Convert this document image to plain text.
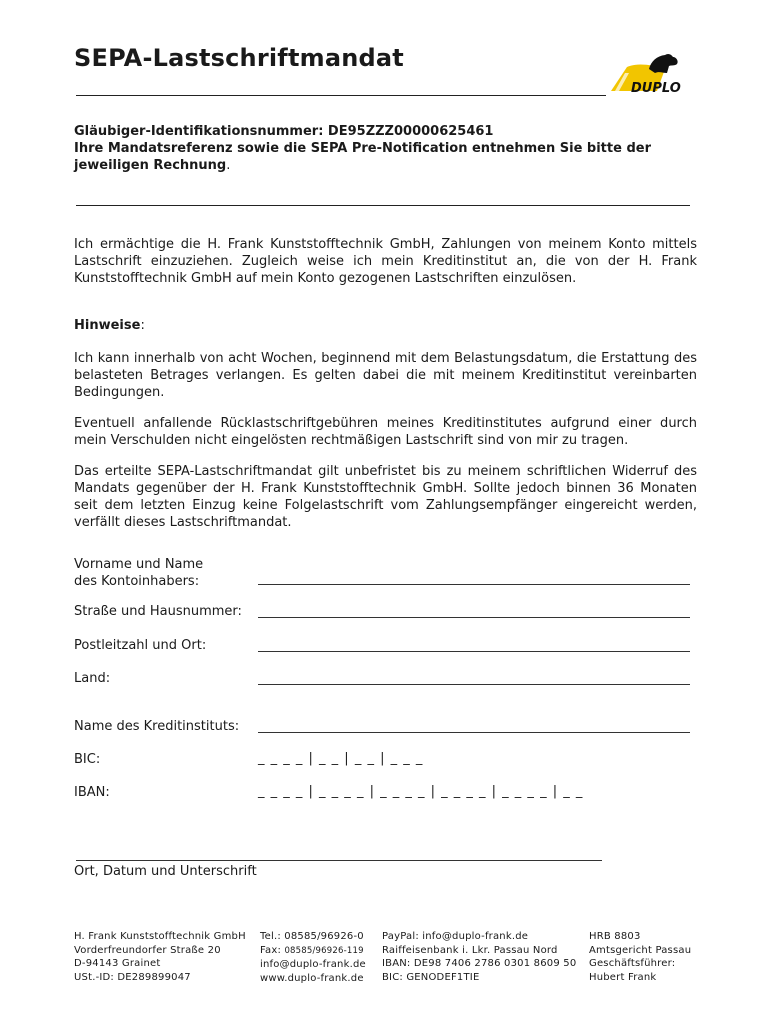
SEPA-Lastschriftmandat
DUPLO

Gläubiger-Identifikationsnummer: DE95ZZZ00000625461

Ihre Mandatsreferenz sowie die SEPA Pre-Notification entnehmen Sie bitte der jeweiligen Rechnung.

Ich ermächtige die H. Frank Kunststofftechnik GmbH, Zahlungen von meinem Konto mittels Lastschrift einzuziehen. Zugleich weise ich mein Kreditinstitut an, die von der H. Frank Kunststofftechnik GmbH auf mein Konto gezogenen Lastschriften einzulösen.

Hinweise:

Ich kann innerhalb von acht Wochen, beginnend mit dem Belastungsdatum, die Erstattung des belasteten Betrages verlangen. Es gelten dabei die mit meinem Kreditinstitut vereinbarten Bedingungen.

Eventuell anfallende Rücklastschriftgebühren meines Kreditinstitutes aufgrund einer durch mein Verschulden nicht eingelösten rechtmäßigen Lastschrift sind von mir zu tragen.

Das erteilte SEPA-Lastschriftmandat gilt unbefristet bis zu meinem schriftlichen Widerruf des Mandats gegenüber der H. Frank Kunststofftechnik GmbH. Sollte jedoch binnen 36 Monaten seit dem letzten Einzug keine Folgelastschrift vom Zahlungsempfänger eingereicht werden, verfällt dieses Lastschriftmandat.

Vorname und Name
des Kontoinhabers:

Straße und Hausnummer:

Postleitzahl und Ort:

Land:

Name des Kreditinstituts:

BIC:	_ _ _ _ | _ _ | _ _ | _ _ _

IBAN:	_ _ _ _ | _ _ _ _ | _ _ _ _ | _ _ _ _ | _ _ _ _ | _ _

Ort, Datum und Unterschrift

H. Frank Kunststofftechnik GmbH

Vorderfreundorfer Straße 20

D-94143 Grainet

USt.-ID: DE289899047

Tel.: 08585/96926-0

Fax: 08585/96926-119

info@duplo-frank.de

www.duplo-frank.de

PayPal: info@duplo-frank.de

Raiffeisenbank i. Lkr. Passau Nord

IBAN: DE98 7406 2786 0301 8609 50

BIC: GENODEF1TIE

HRB 8803

Amtsgericht Passau

Geschäftsführer:

Hubert Frank
